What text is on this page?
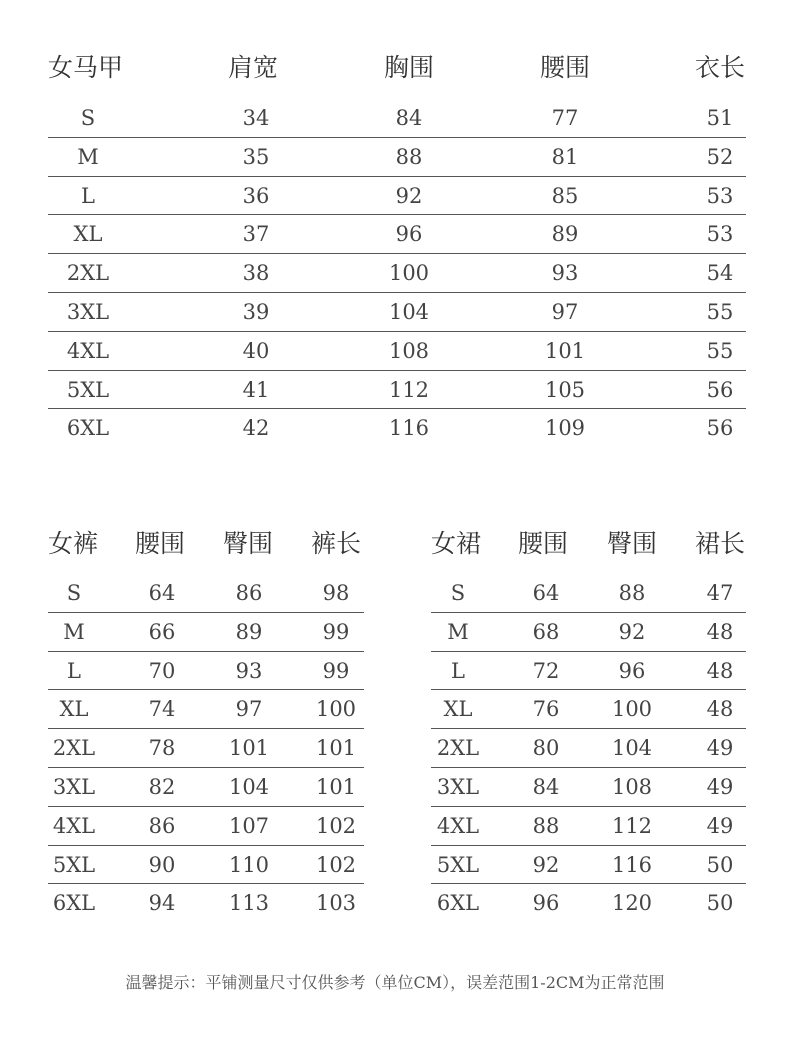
温馨提示：平铺测量尺寸仅供参考（单位CM），误差范围1-2CM为正常范围
女马甲	肩宽	胸围	腰围	衣长
S	34	84	77	51
M	35	88	81	52
L	36	92	85	53
XL	37	96	89	53
2XL	38	100	93	54
3XL	39	104	97	55
4XL	40	108	101	55
5XL	41	112	105	56
6XL	42	116	109	56
女裤 腰围 臀围 裤长
S	64	86	98
M	66	89	99
L	70	93	99
XL	74	97	100
2XL	78	101 101
3XL	82	104 101
4XL	86	107 102
5XL	90	110 102
6XL	94	113 103
女裙 腰围 臀围 裙长
S	64	88	47
M	68	92	48
L	72	96	48
XL	76	100	48
2XL	80	104	49
3XL	84	108	49
4XL	88	112	49
5XL	92	116	50
6XL	96	120	50
